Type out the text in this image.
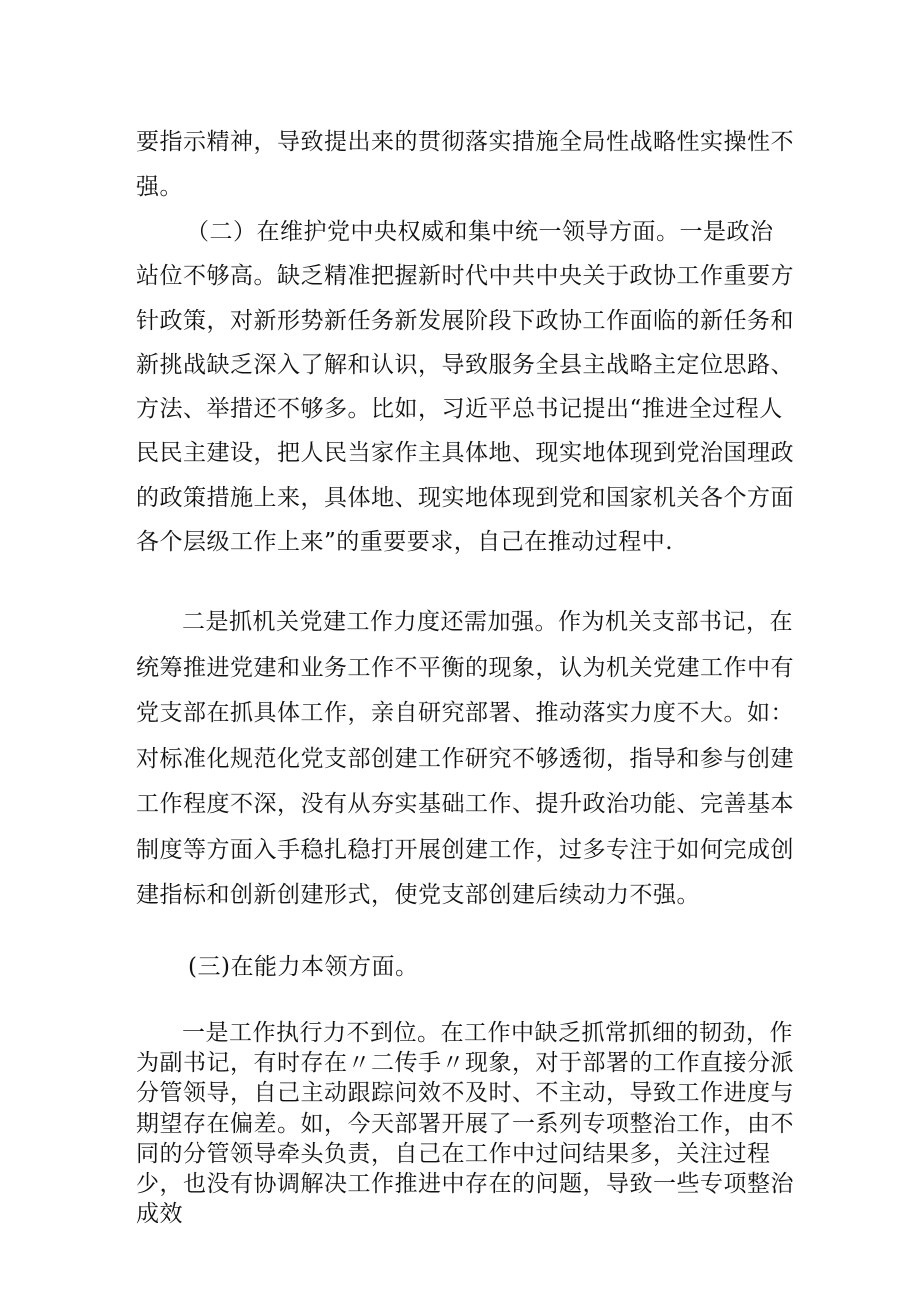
要指示精神，导致提出来的贯彻落实措施全局性战略性实操性不强。

（二）在维护党中央权威和集中统一领导方面。一是政治站位不够高。缺乏精准把握新时代中共中央关于政协工作重要方针政策，对新形势新任务新发展阶段下政协工作面临的新任务和新挑战缺乏深入了解和认识，导致服务全县主战略主定位思路、方法、举措还不够多。比如，习近平总书记提出“推进全过程人民民主建设，把人民当家作主具体地、现实地体现到党治国理政的政策措施上来，具体地、现实地体现到党和国家机关各个方面各个层级工作上来”的重要要求，自己在推动过程中.

二是抓机关党建工作力度还需加强。作为机关支部书记，在统筹推进党建和业务工作不平衡的现象，认为机关党建工作中有党支部在抓具体工作，亲自研究部署、推动落实力度不大。如：对标准化规范化党支部创建工作研究不够透彻，指导和参与创建工作程度不深，没有从夯实基础工作、提升政治功能、完善基本制度等方面入手稳扎稳打开展创建工作，过多专注于如何完成创建指标和创新创建形式，使党支部创建后续动力不强。

(三)在能力本领方面。

一是工作执行力不到位。在工作中缺乏抓常抓细的韧劲，作为副书记，有时存在〃二传手〃现象，对于部署的工作直接分派分管领导，自己主动跟踪问效不及时、不主动，导致工作进度与期望存在偏差。如，今天部署开展了一系列专项整治工作，由不同的分管领导牵头负责，自己在工作中过问结果多，关注过程少，也没有协调解决工作推进中存在的问题，导致一些专项整治成效
